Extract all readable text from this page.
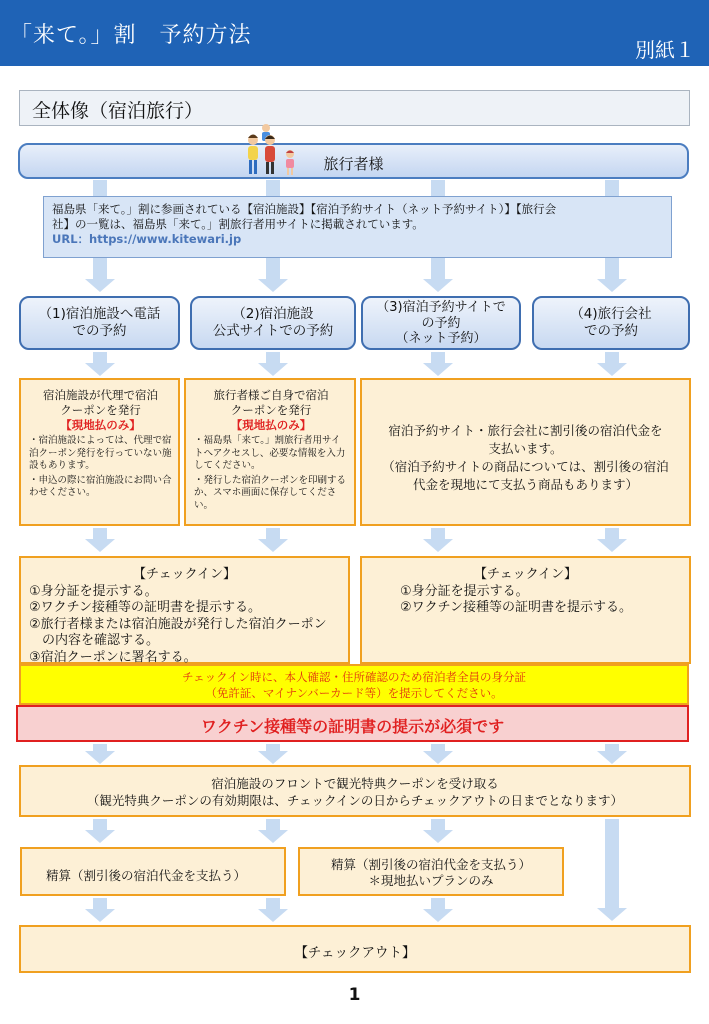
「来て。」割　予約方法
別紙１
全体像（宿泊旅行）
旅行者様
福島県「来て。」割に参画されている【宿泊施設】【宿泊予約サイト（ネット予約サイト）】【旅行会
社】の一覧は、福島県「来て。」割旅行者用サイトに掲載されています。
URL：https://www.kitewari.jp
（1)宿泊施設へ電話
での予約
（2)宿泊施設
公式サイトでの予約
（3)宿泊予約サイトで
の予約
（ネット予約）
（4)旅行会社
での予約
宿泊施設が代理で宿泊
クーポンを発行
【現地払のみ】
・宿泊施設によっては、代理で宿泊クーポン発行を行っていない施設もあります。
・申込の際に宿泊施設にお問い合わせください。
旅行者様ご自身で宿泊
クーポンを発行
【現地払のみ】
・福島県「来て。」割旅行者用サイトへアクセスし、必要な情報を入力してください。
・発行した宿泊クーポンを印刷するか、スマホ画面に保存してください。
宿泊予約サイト・旅行会社に割引後の宿泊代金を
支払います。
（宿泊予約サイトの商品については、割引後の宿泊
代金を現地にて支払う商品もあります）
【チェックイン】
①身分証を提示する。
②ワクチン接種等の証明書を提示する。
②旅行者様または宿泊施設が発行した宿泊クーポン
　の内容を確認する。
③宿泊クーポンに署名する。
【チェックイン】
①身分証を提示する。
②ワクチン接種等の証明書を提示する。
チェックイン時に、本人確認・住所確認のため宿泊者全員の身分証
（免許証、マイナンバーカード等）を提示してください。
ワクチン接種等の証明書の提示が必須です
宿泊施設のフロントで観光特典クーポンを受け取る
（観光特典クーポンの有効期限は、チェックインの日からチェックアウトの日までとなります）
精算（割引後の宿泊代金を支払う）
精算（割引後の宿泊代金を支払う）
＊現地払いプランのみ
【チェックアウト】
1
